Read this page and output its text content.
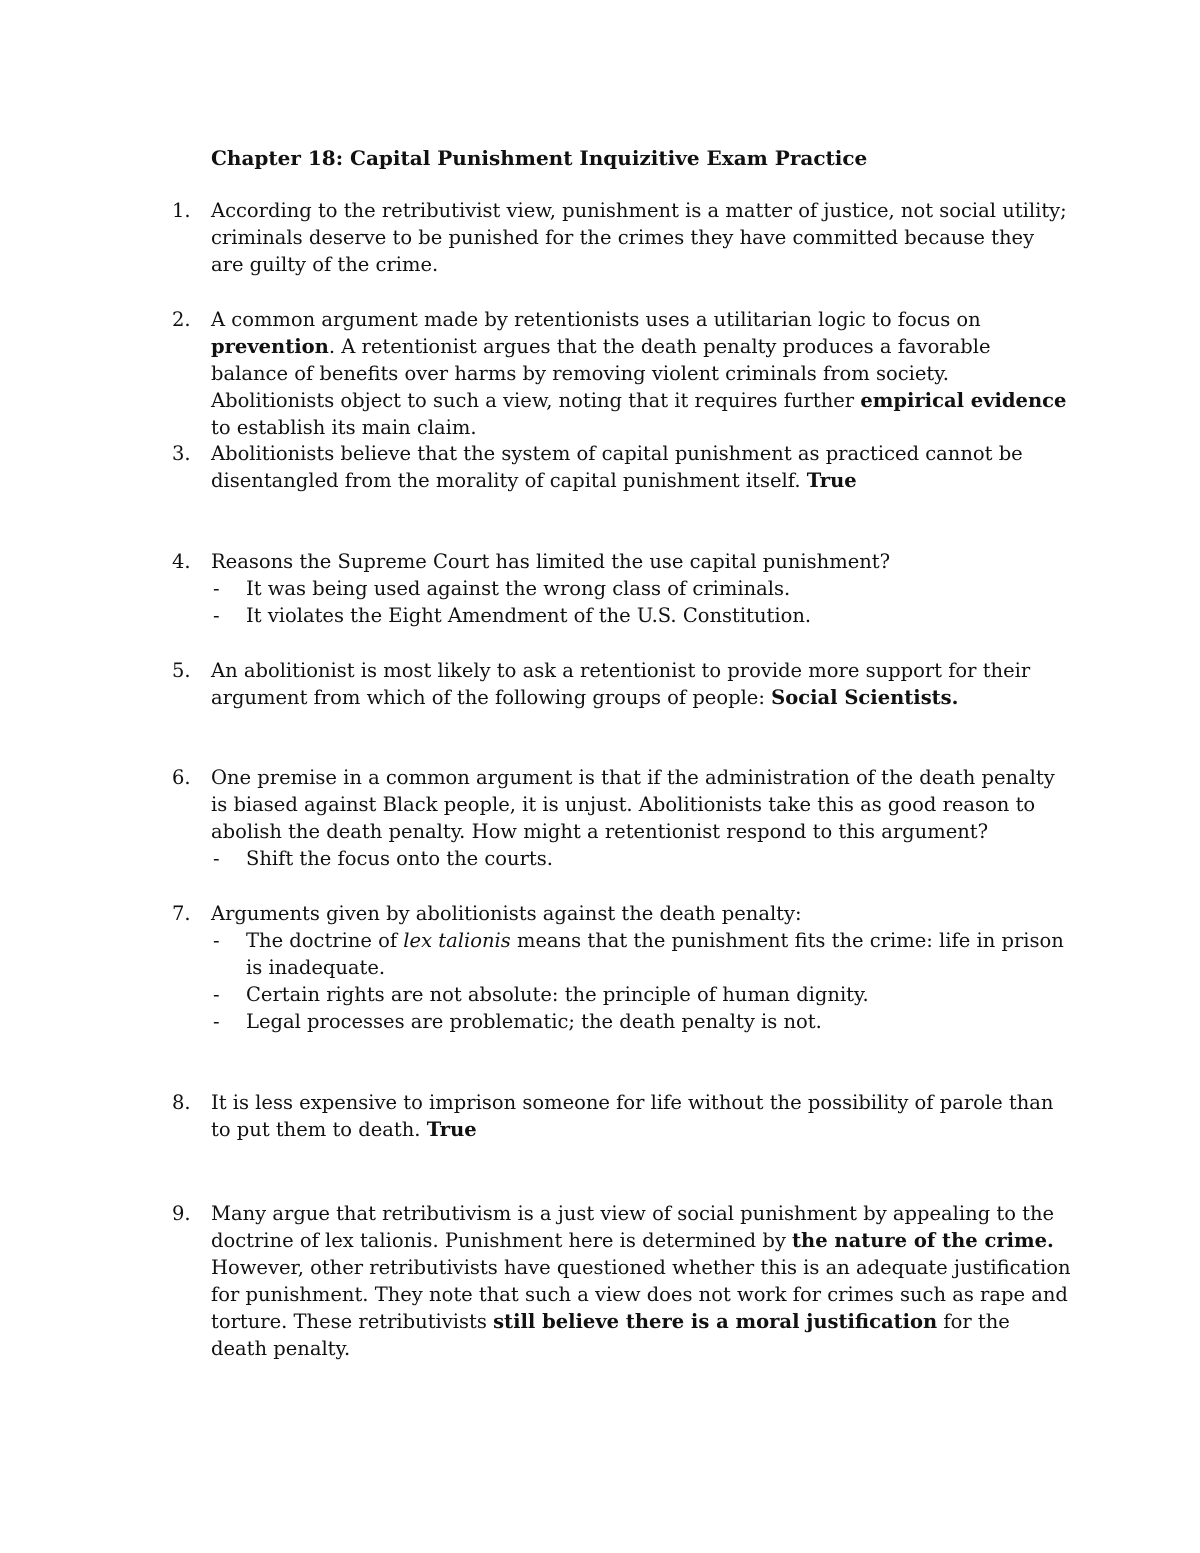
Chapter 18: Capital Punishment Inquizitive Exam Practice
1.	According to the retributivist view, punishment is a matter of justice, not social utility; criminals deserve to be punished for the crimes they have committed because they are guilty of the crime.
2.	A common argument made by retentionists uses a utilitarian logic to focus on prevention. A retentionist argues that the death penalty produces a favorable balance of benefits over harms by removing violent criminals from society. Abolitionists object to such a view, noting that it requires further empirical evidence to establish its main claim.
3.	Abolitionists believe that the system of capital punishment as practiced cannot be disentangled from the morality of capital punishment itself. True
4.	Reasons the Supreme Court has limited the use capital punishment?
- It was being used against the wrong class of criminals.
- It violates the Eight Amendment of the U.S. Constitution.
5.	An abolitionist is most likely to ask a retentionist to provide more support for their argument from which of the following groups of people: Social Scientists.
6.	One premise in a common argument is that if the administration of the death penalty is biased against Black people, it is unjust. Abolitionists take this as good reason to abolish the death penalty. How might a retentionist respond to this argument?
- Shift the focus onto the courts.
7.	Arguments given by abolitionists against the death penalty:
- The doctrine of lex talionis means that the punishment fits the crime: life in prison is inadequate.
- Certain rights are not absolute: the principle of human dignity.
- Legal processes are problematic; the death penalty is not.
8.	It is less expensive to imprison someone for life without the possibility of parole than to put them to death. True
9.	Many argue that retributivism is a just view of social punishment by appealing to the doctrine of lex talionis. Punishment here is determined by the nature of the crime. However, other retributivists have questioned whether this is an adequate justification for punishment. They note that such a view does not work for crimes such as rape and torture. These retributivists still believe there is a moral justification for the death penalty.
